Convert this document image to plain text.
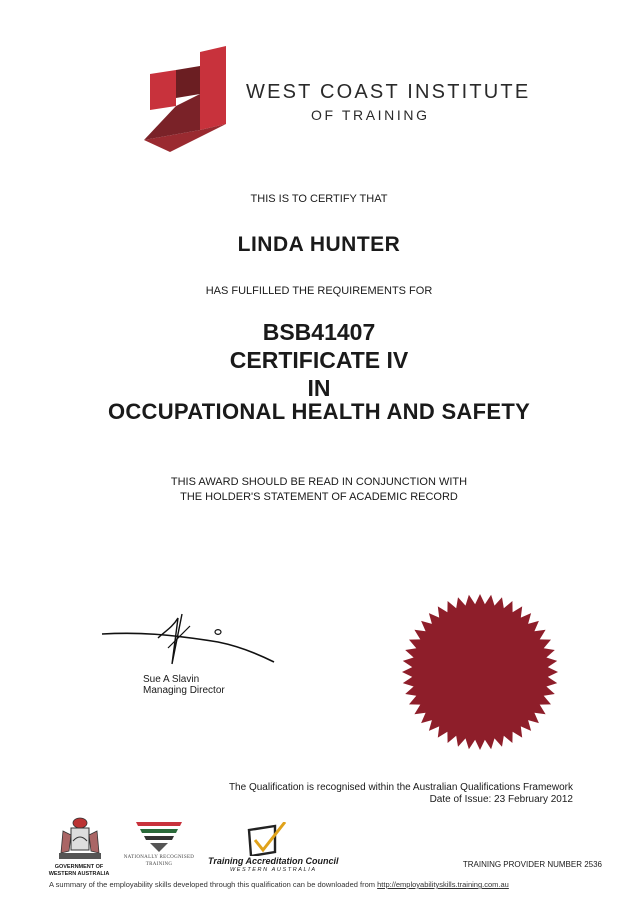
WEST COAST INSTITUTE
OF TRAINING
THIS IS TO CERTIFY THAT
LINDA HUNTER
HAS FULFILLED THE REQUIREMENTS FOR
BSB41407
CERTIFICATE IV
IN
OCCUPATIONAL HEALTH AND SAFETY
THIS AWARD SHOULD BE READ IN CONJUNCTION WITH
THE HOLDER'S STATEMENT OF ACADEMIC RECORD
Sue A Slavin
Managing Director
The Qualification is recognised within the Australian Qualifications Framework
Date of Issue: 23 February 2012
GOVERNMENT OF
WESTERN AUSTRALIA
NATIONALLY RECOGNISED
TRAINING	Training Accreditation Council
WESTERN AUSTRALIA
TRAINING PROVIDER NUMBER 2536
A summary of the employability skills developed through this qualification can be downloaded from http://employabilityskills.training.com.au
